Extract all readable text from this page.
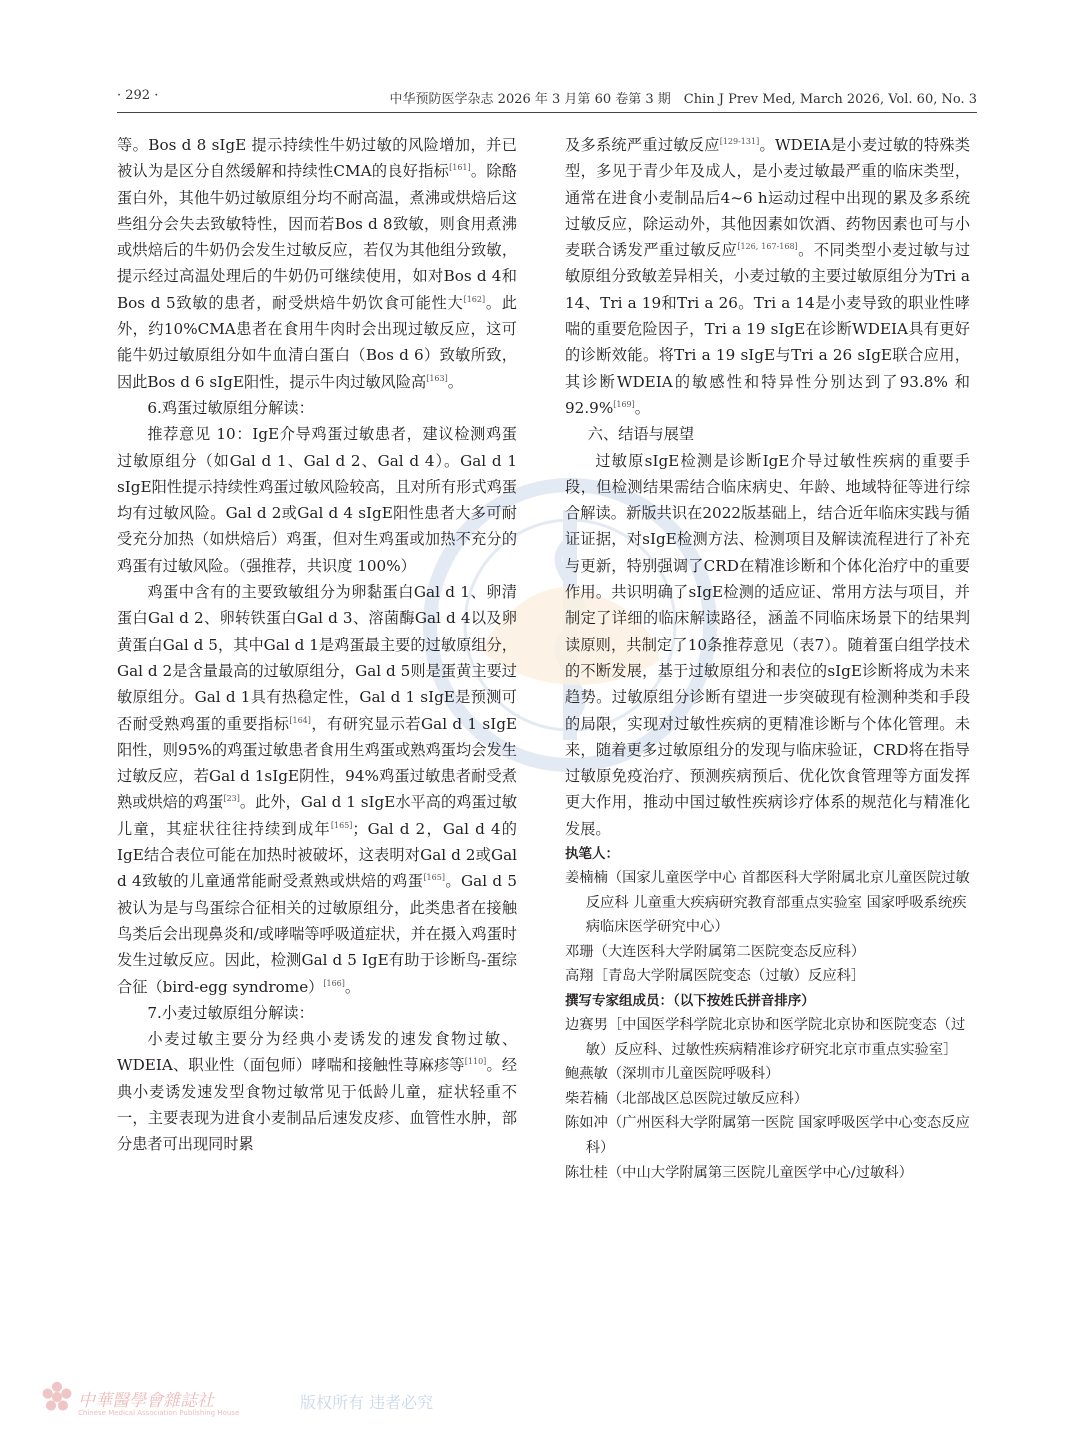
· 292 ·	中华预防医学杂志 2026 年 3 月第 60 卷第 3 期　Chin J Prev Med, March 2026, Vol. 60, No. 3

等。Bos d 8 sIgE 提示持续性牛奶过敏的风险增加，并已被认为是区分自然缓解和持续性CMA的良好指标[161]。除酪蛋白外，其他牛奶过敏原组分均不耐高温，煮沸或烘焙后这些组分会失去致敏特性，因而若Bos d 8致敏，则食用煮沸或烘焙后的牛奶仍会发生过敏反应，若仅为其他组分致敏，提示经过高温处理后的牛奶仍可继续使用，如对Bos d 4和Bos d 5致敏的患者，耐受烘焙牛奶饮食可能性大[162]。此外，约10%CMA患者在食用牛肉时会出现过敏反应，这可能牛奶过敏原组分如牛血清白蛋白（Bos d 6）致敏所致，因此Bos d 6 sIgE阳性，提示牛肉过敏风险高[163]。

6.鸡蛋过敏原组分解读：

推荐意见 10：IgE介导鸡蛋过敏患者，建议检测鸡蛋过敏原组分（如Gal d 1、Gal d 2、Gal d 4）。Gal d 1 sIgE阳性提示持续性鸡蛋过敏风险较高，且对所有形式鸡蛋均有过敏风险。Gal d 2或Gal d 4 sIgE阳性患者大多可耐受充分加热（如烘焙后）鸡蛋，但对生鸡蛋或加热不充分的鸡蛋有过敏风险。（强推荐，共识度 100%）

鸡蛋中含有的主要致敏组分为卵黏蛋白Gal d 1、卵清蛋白Gal d 2、卵转铁蛋白Gal d 3、溶菌酶Gal d 4以及卵黄蛋白Gal d 5，其中Gal d 1是鸡蛋最主要的过敏原组分，Gal d 2是含量最高的过敏原组分，Gal d 5则是蛋黄主要过敏原组分。Gal d 1具有热稳定性，Gal d 1 sIgE是预测可否耐受熟鸡蛋的重要指标[164]，有研究显示若Gal d 1 sIgE阳性，则95%的鸡蛋过敏患者食用生鸡蛋或熟鸡蛋均会发生过敏反应，若Gal d 1sIgE阴性，94%鸡蛋过敏患者耐受煮熟或烘焙的鸡蛋[23]。此外，Gal d 1 sIgE水平高的鸡蛋过敏儿童，其症状往往持续到成年[165]；Gal d 2，Gal d 4的IgE结合表位可能在加热时被破坏，这表明对Gal d 2或Gal d 4致敏的儿童通常能耐受煮熟或烘焙的鸡蛋[165]。Gal d 5被认为是与鸟蛋综合征相关的过敏原组分，此类患者在接触鸟类后会出现鼻炎和/或哮喘等呼吸道症状，并在摄入鸡蛋时发生过敏反应。因此，检测Gal d 5 IgE有助于诊断鸟-蛋综合征（bird-egg syndrome）[166]。

7.小麦过敏原组分解读：

小麦过敏主要分为经典小麦诱发的速发食物过敏、WDEIA、职业性（面包师）哮喘和接触性荨麻疹等[110]。经典小麦诱发速发型食物过敏常见于低龄儿童，症状轻重不一，主要表现为进食小麦制品后速发皮疹、血管性水肿，部分患者可出现同时累

及多系统严重过敏反应[129-131]。WDEIA是小麦过敏的特殊类型，多见于青少年及成人，是小麦过敏最严重的临床类型，通常在进食小麦制品后4~6 h运动过程中出现的累及多系统过敏反应，除运动外，其他因素如饮酒、药物因素也可与小麦联合诱发严重过敏反应[126, 167-168]。不同类型小麦过敏与过敏原组分致敏差异相关，小麦过敏的主要过敏原组分为Tri a 14、Tri a 19和Tri a 26。Tri a 14是小麦导致的职业性哮喘的重要危险因子，Tri a 19 sIgE在诊断WDEIA具有更好的诊断效能。将Tri a 19 sIgE与Tri a 26 sIgE联合应用，其诊断WDEIA的敏感性和特异性分别达到了93.8% 和92.9%[169]。

六、结语与展望

过敏原sIgE检测是诊断IgE介导过敏性疾病的重要手段，但检测结果需结合临床病史、年龄、地域特征等进行综合解读。新版共识在2022版基础上，结合近年临床实践与循证证据，对sIgE检测方法、检测项目及解读流程进行了补充与更新，特别强调了CRD在精准诊断和个体化治疗中的重要作用。共识明确了sIgE检测的适应证、常用方法与项目，并制定了详细的临床解读路径，涵盖不同临床场景下的结果判读原则，共制定了10条推荐意见（表7）。随着蛋白组学技术的不断发展，基于过敏原组分和表位的sIgE诊断将成为未来趋势。过敏原组分诊断有望进一步突破现有检测种类和手段的局限，实现对过敏性疾病的更精准诊断与个体化管理。未来，随着更多过敏原组分的发现与临床验证，CRD将在指导过敏原免疫治疗、预测疾病预后、优化饮食管理等方面发挥更大作用，推动中国过敏性疾病诊疗体系的规范化与精准化发展。

执笔人：

姜楠楠（国家儿童医学中心 首都医科大学附属北京儿童医院过敏反应科 儿童重大疾病研究教育部重点实验室 国家呼吸系统疾病临床医学研究中心）

邓珊（大连医科大学附属第二医院变态反应科）

高翔［青岛大学附属医院变态（过敏）反应科］

撰写专家组成员：（以下按姓氏拼音排序）

边赛男［中国医学科学院北京协和医学院北京协和医院变态（过敏）反应科、过敏性疾病精准诊疗研究北京市重点实验室］

鲍燕敏（深圳市儿童医院呼吸科）

柴若楠（北部战区总医院过敏反应科）

陈如冲（广州医科大学附属第一医院 国家呼吸医学中心变态反应科）

陈壮桂（中山大学附属第三医院儿童医学中心/过敏科）

中華醫學會雜誌社
Chinese Medical Association Publishing House
版权所有 违者必究
